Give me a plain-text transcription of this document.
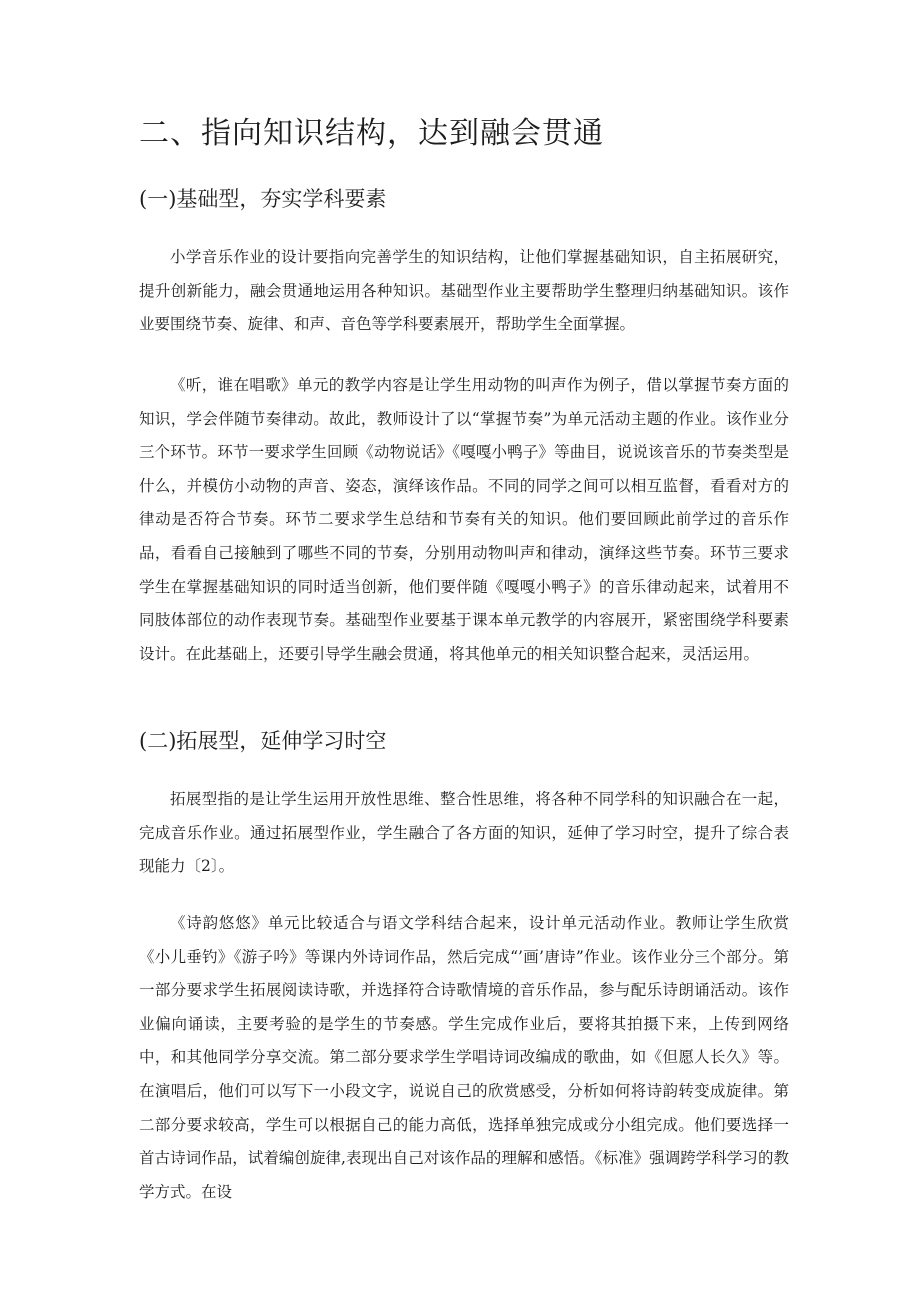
二、指向知识结构，达到融会贯通
(一)基础型，夯实学科要素

小学音乐作业的设计要指向完善学生的知识结构，让他们掌握基础知识，自主拓展研究，提升创新能力，融会贯通地运用各种知识。基础型作业主要帮助学生整理归纳基础知识。该作业要围绕节奏、旋律、和声、音色等学科要素展开，帮助学生全面掌握。

《听，谁在唱歌》单元的教学内容是让学生用动物的叫声作为例子，借以掌握节奏方面的知识，学会伴随节奏律动。故此，教师设计了以“掌握节奏”为单元活动主题的作业。该作业分三个环节。环节一要求学生回顾《动物说话》《嘎嘎小鸭子》等曲目，说说该音乐的节奏类型是什么，并模仿小动物的声音、姿态，演绎该作品。不同的同学之间可以相互监督，看看对方的律动是否符合节奏。环节二要求学生总结和节奏有关的知识。他们要回顾此前学过的音乐作品，看看自己接触到了哪些不同的节奏，分别用动物叫声和律动，演绎这些节奏。环节三要求学生在掌握基础知识的同时适当创新，他们要伴随《嘎嘎小鸭子》的音乐律动起来，试着用不同肢体部位的动作表现节奏。基础型作业要基于课本单元教学的内容展开，紧密围绕学科要素设计。在此基础上，还要引导学生融会贯通，将其他单元的相关知识整合起来，灵活运用。

(二)拓展型，延伸学习时空

拓展型指的是让学生运用开放性思维、整合性思维，将各种不同学科的知识融合在一起，完成音乐作业。通过拓展型作业，学生融合了各方面的知识，延伸了学习时空，提升了综合表现能力〔2〕。

《诗韵悠悠》单元比较适合与语文学科结合起来，设计单元活动作业。教师让学生欣赏《小儿垂钓》《游子吟》等课内外诗词作品，然后完成“’画’唐诗”作业。该作业分三个部分。第一部分要求学生拓展阅读诗歌，并选择符合诗歌情境的音乐作品，参与配乐诗朗诵活动。该作业偏向诵读，主要考验的是学生的节奏感。学生完成作业后，要将其拍摄下来，上传到网络中，和其他同学分享交流。第二部分要求学生学唱诗词改编成的歌曲，如《但愿人长久》等。在演唱后，他们可以写下一小段文字，说说自己的欣赏感受，分析如何将诗韵转变成旋律。第二部分要求较高，学生可以根据自己的能力高低，选择单独完成或分小组完成。他们要选择一首古诗词作品，试着编创旋律,表现出自己对该作品的理解和感悟。《标准》强调跨学科学习的教学方式。在设
